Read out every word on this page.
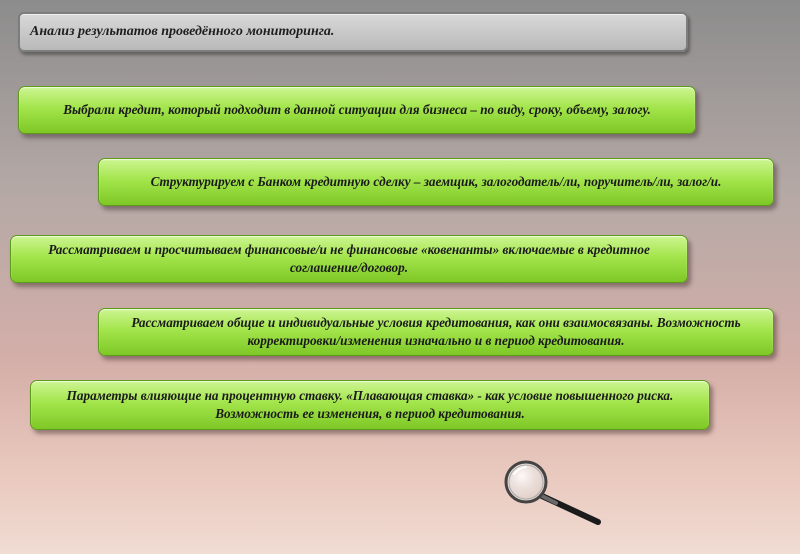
Анализ результатов проведённого мониторинга.
Выбрали кредит, который подходит в данной ситуации для бизнеса – по виду, сроку, объему, залогу.
Структурируем с Банком кредитную сделку – заемщик, залогодатель/ли, поручитель/ли, залог/и.
Рассматриваем и просчитываем финансовые/и не финансовые «ковенанты» включаемые в кредитное соглашение/договор.
Рассматриваем общие и индивидуальные условия кредитования, как они взаимосвязаны. Возможность корректировки/изменения изначально и в период кредитования.
Параметры влияющие на процентную ставку. «Плавающая ставка» - как условие повышенного риска. Возможность ее изменения, в период кредитования.
